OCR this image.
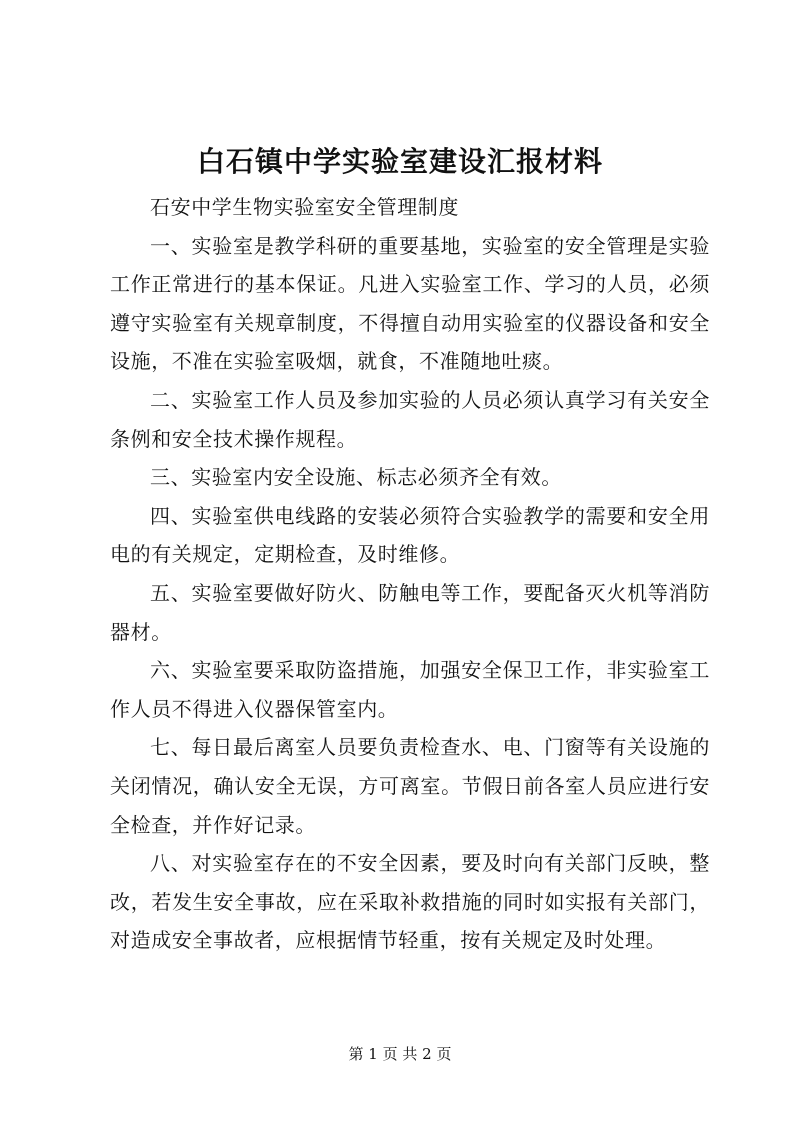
白石镇中学实验室建设汇报材料

石安中学生物实验室安全管理制度

一、实验室是教学科研的重要基地，实验室的安全管理是实验工作正常进行的基本保证。凡进入实验室工作、学习的人员，必须遵守实验室有关规章制度，不得擅自动用实验室的仪器设备和安全设施，不准在实验室吸烟，就食，不准随地吐痰。

二、实验室工作人员及参加实验的人员必须认真学习有关安全条例和安全技术操作规程。

三、实验室内安全设施、标志必须齐全有效。

四、实验室供电线路的安装必须符合实验教学的需要和安全用电的有关规定，定期检查，及时维修。

五、实验室要做好防火、防触电等工作，要配备灭火机等消防器材。

六、实验室要采取防盗措施，加强安全保卫工作，非实验室工作人员不得进入仪器保管室内。

七、每日最后离室人员要负责检查水、电、门窗等有关设施的关闭情况，确认安全无误，方可离室。节假日前各室人员应进行安全检查，并作好记录。

八、对实验室存在的不安全因素，要及时向有关部门反映，整改，若发生安全事故，应在采取补救措施的同时如实报有关部门，对造成安全事故者，应根据情节轻重，按有关规定及时处理。

第 1 页 共 2 页
